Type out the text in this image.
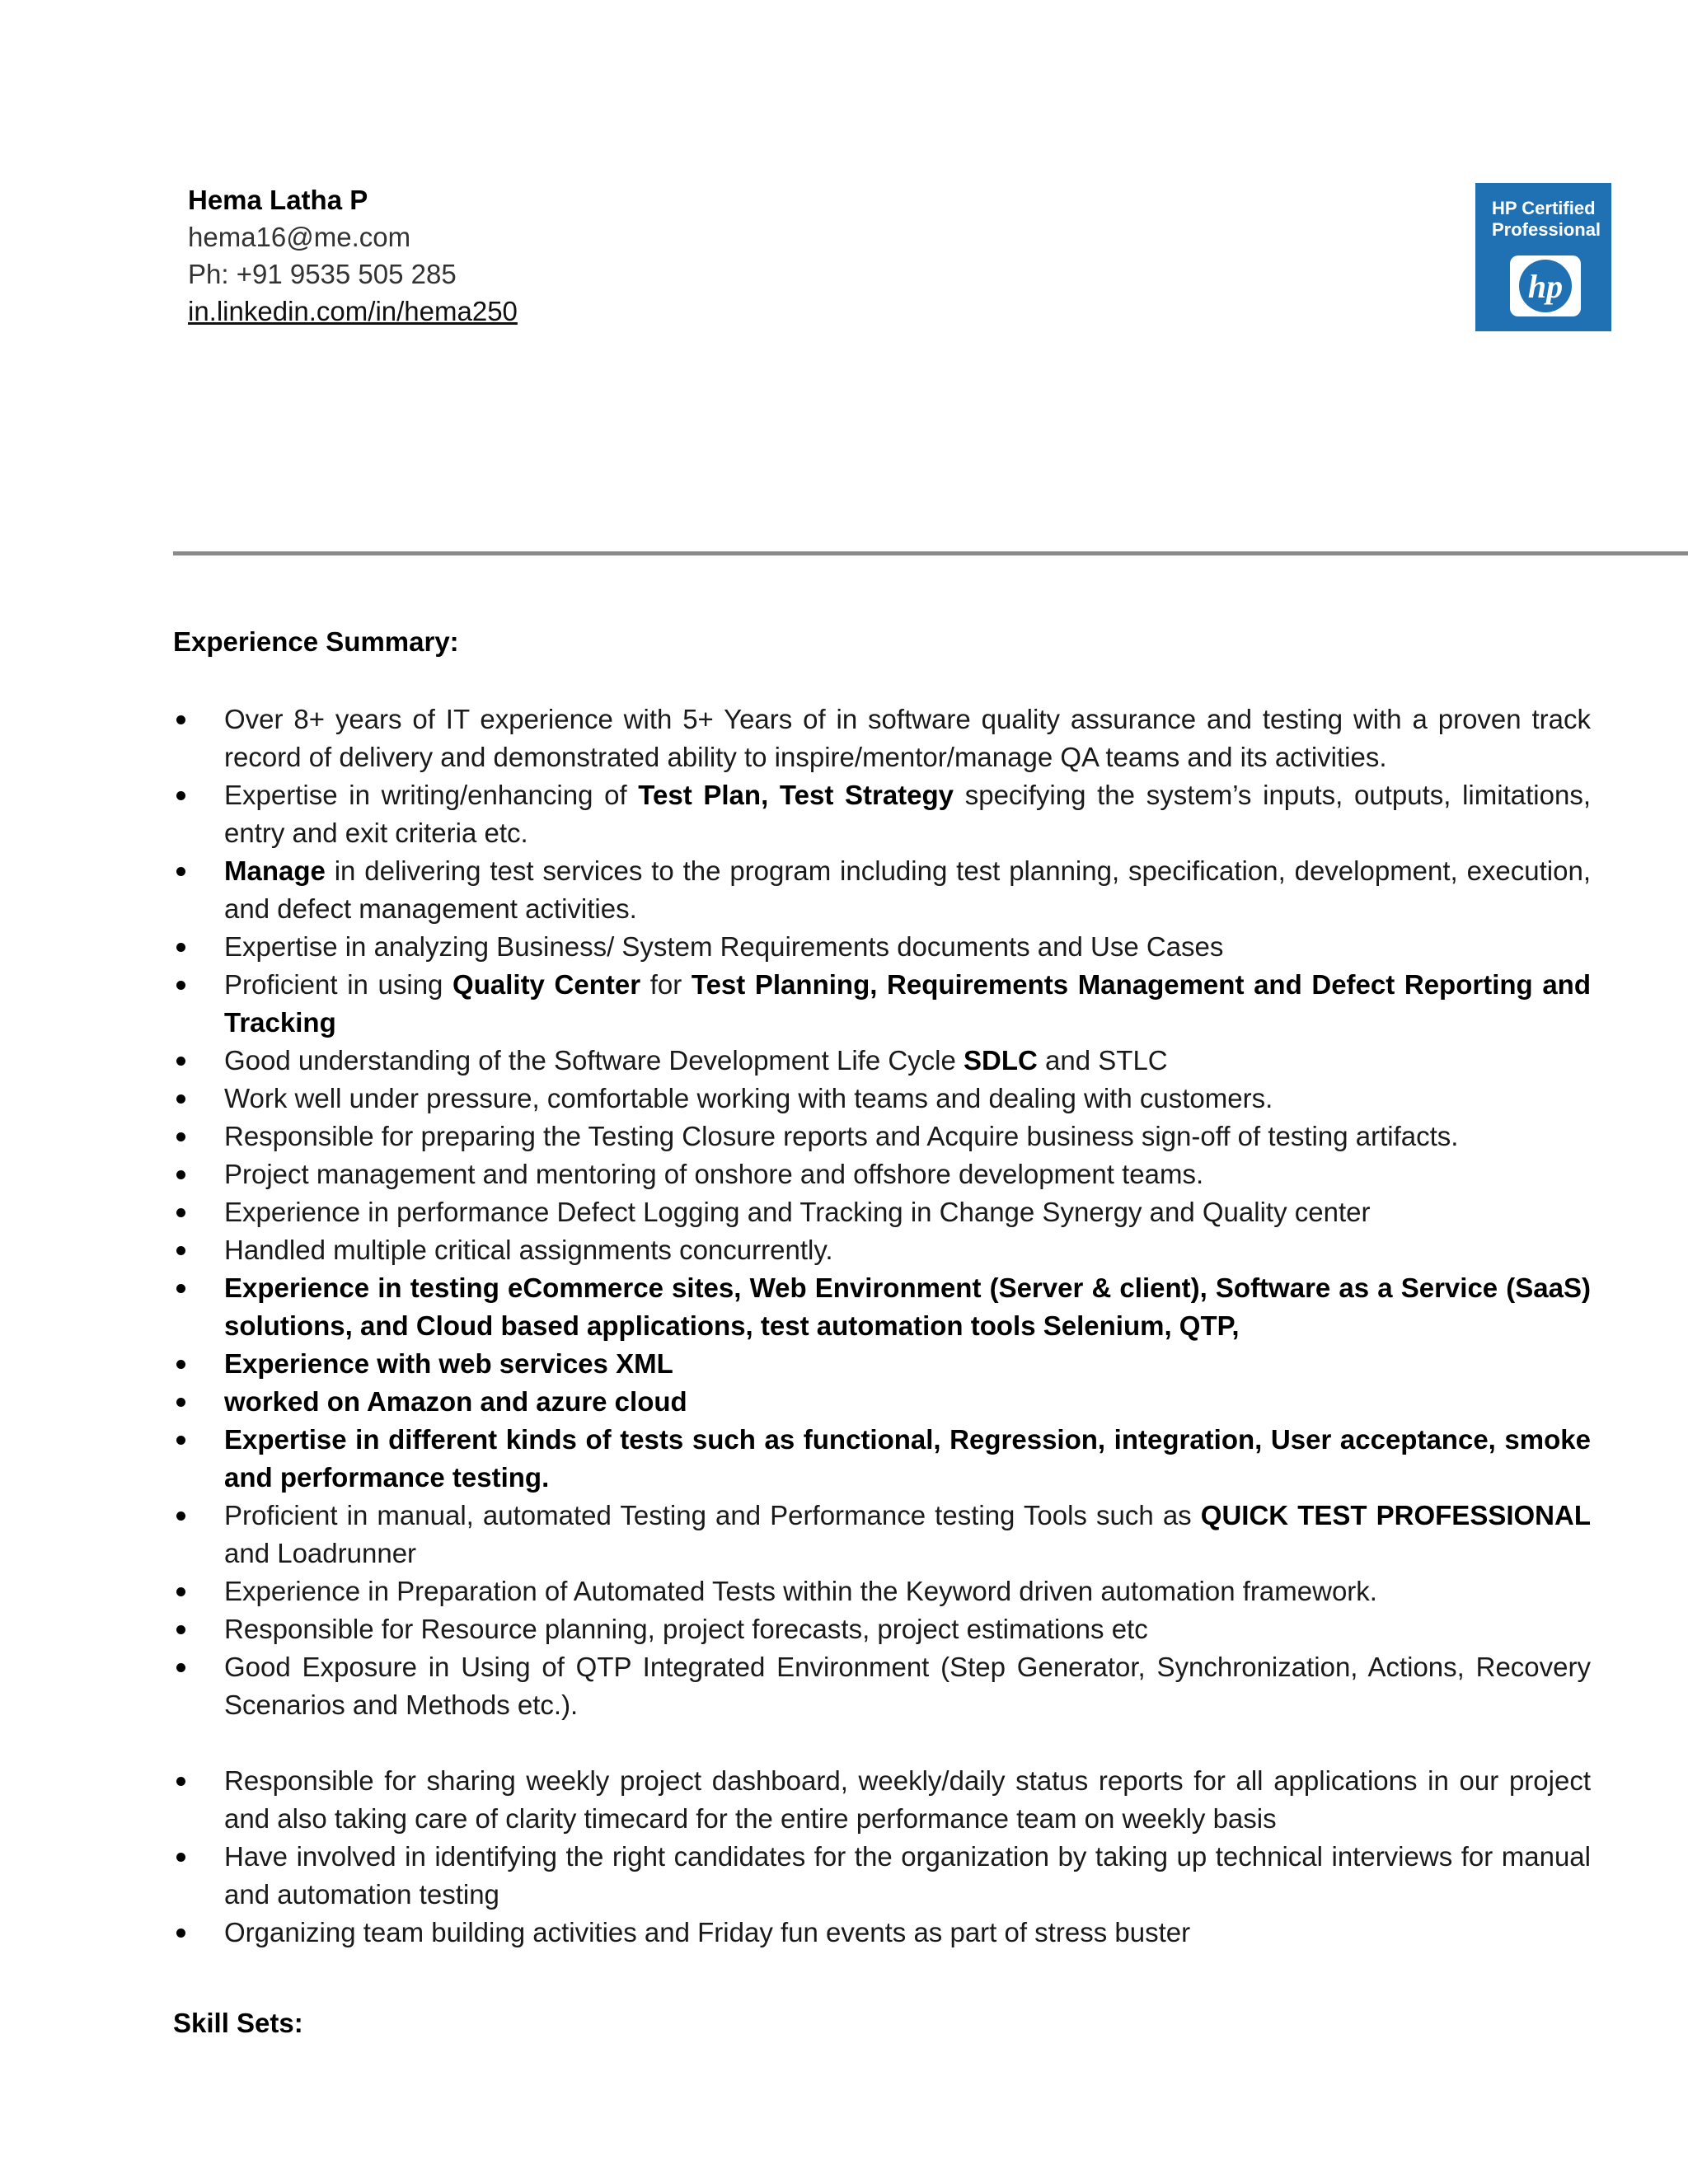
Hema Latha P
hema16@me.com
Ph: +91 9535 505 285
in.linkedin.com/in/hema250
HP Certified
Professional
hp
Experience Summary:
Over 8+ years of IT experience with 5+ Years of in software quality assurance and testing with a proven track record of delivery and demonstrated ability to inspire/mentor/manage QA teams and its activities.
Expertise in writing/enhancing of Test Plan, Test Strategy specifying the system’s inputs, outputs, limitations, entry and exit criteria etc.
Manage in delivering test services to the program including test planning, specification, development, execution, and defect management activities.
Expertise in analyzing Business/ System Requirements documents and Use Cases
Proficient in using Quality Center for Test Planning, Requirements Management and Defect Reporting and Tracking
Good understanding of the Software Development Life Cycle SDLC and STLC
Work well under pressure, comfortable working with teams and dealing with customers.
Responsible for preparing the Testing Closure reports and Acquire business sign-off of testing artifacts.
Project management and mentoring of onshore and offshore development teams.
Experience in performance Defect Logging and Tracking in Change Synergy and Quality center
Handled multiple critical assignments concurrently.
Experience in testing eCommerce sites, Web Environment (Server & client), Software as a Service (SaaS) solutions, and Cloud based applications, test automation tools Selenium, QTP,
Experience with web services XML
worked on Amazon and azure cloud
Expertise in different kinds of tests such as functional, Regression, integration, User acceptance, smoke and performance testing.
Proficient in manual, automated Testing and Performance testing Tools such as QUICK TEST PROFESSIONAL and Loadrunner
Experience in Preparation of Automated Tests within the Keyword driven automation framework.
Responsible for Resource planning, project forecasts, project estimations etc
Good Exposure in Using of QTP Integrated Environment (Step Generator, Synchronization, Actions, Recovery Scenarios and Methods etc.).
Responsible for sharing weekly project dashboard, weekly/daily status reports for all applications in our project and also taking care of clarity timecard for the entire performance team on weekly basis
Have involved in identifying the right candidates for the organization by taking up technical interviews for manual and automation testing
Organizing team building activities and Friday fun events as part of stress buster
Skill Sets:
